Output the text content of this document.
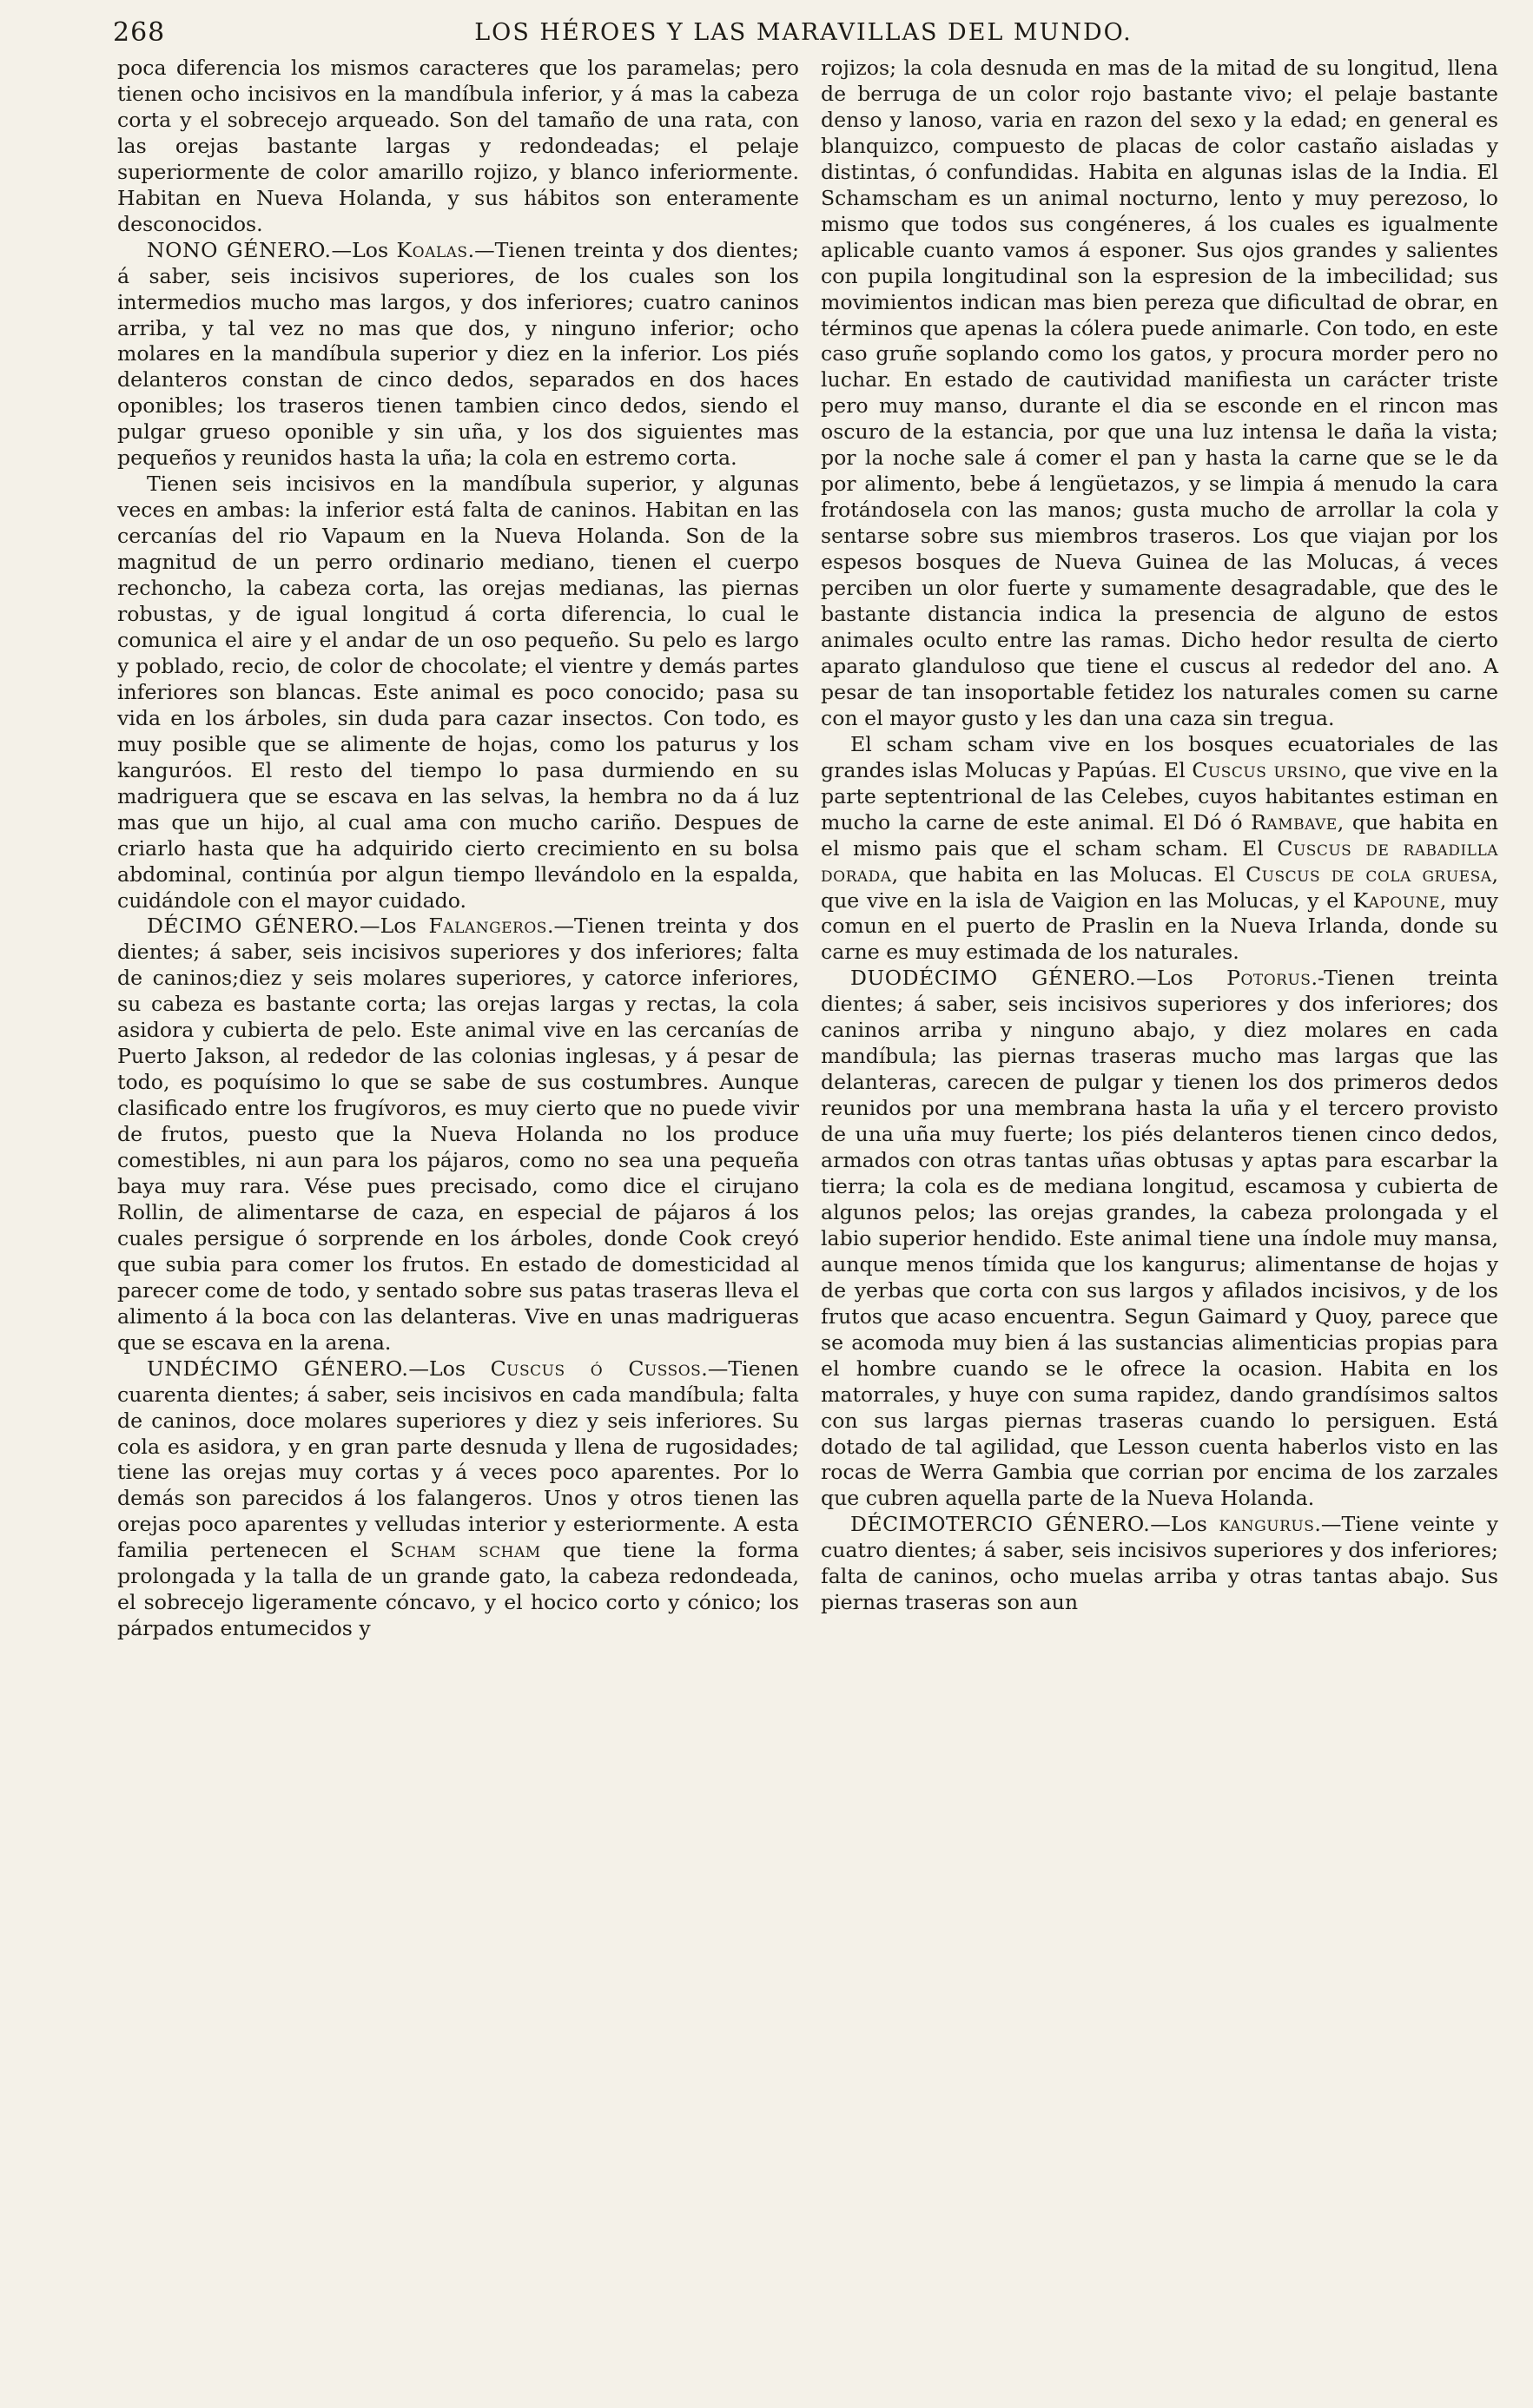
268	LOS HÉROES Y LAS MARAVILLAS DEL MUNDO.

poca diferencia los mismos caracteres que los paramelas; pero tienen ocho incisivos en la mandíbula inferior, y á mas la cabeza corta y el sobrecejo arqueado. Son del tamaño de una rata, con las orejas bastante largas y redondeadas; el pelaje superiormente de color amarillo rojizo, y blanco inferiormente. Habitan en Nueva Holanda, y sus hábitos son enteramente desconocidos.

NONO GÉNERO.—Los Koalas.—Tienen treinta y dos dientes; á saber, seis incisivos superiores, de los cuales son los intermedios mucho mas largos, y dos inferiores; cuatro caninos arriba, y tal vez no mas que dos, y ninguno inferior; ocho molares en la mandíbula superior y diez en la inferior. Los piés delanteros constan de cinco dedos, separados en dos haces oponibles; los traseros tienen tambien cinco dedos, siendo el pulgar grueso oponible y sin uña, y los dos siguientes mas pequeños y reunidos hasta la uña; la cola en estremo corta.

Tienen seis incisivos en la mandíbula superior, y algunas veces en ambas: la inferior está falta de caninos. Habitan en las cercanías del rio Vapaum en la Nueva Holanda. Son de la magnitud de un perro ordinario mediano, tienen el cuerpo rechoncho, la cabeza corta, las orejas medianas, las piernas robustas, y de igual longitud á corta diferencia, lo cual le comunica el aire y el andar de un oso pequeño. Su pelo es largo y poblado, recio, de color de chocolate; el vientre y demás partes inferiores son blancas. Este animal es poco conocido; pasa su vida en los árboles, sin duda para cazar insectos. Con todo, es muy posible que se alimente de hojas, como los paturus y los kanguróos. El resto del tiempo lo pasa durmiendo en su madriguera que se escava en las selvas, la hembra no da á luz mas que un hijo, al cual ama con mucho cariño. Despues de criarlo hasta que ha adquirido cierto crecimiento en su bolsa abdominal, continúa por algun tiempo llevándolo en la espalda, cuidándole con el mayor cuidado.

DÉCIMO GÉNERO.—Los Falangeros.—Tienen treinta y dos dientes; á saber, seis incisivos superiores y dos inferiores; falta de caninos;diez y seis molares superiores, y catorce inferiores, su cabeza es bastante corta; las orejas largas y rectas, la cola asidora y cubierta de pelo. Este animal vive en las cercanías de Puerto Jakson, al rededor de las colonias inglesas, y á pesar de todo, es poquísimo lo que se sabe de sus costumbres. Aunque clasificado entre los frugívoros, es muy cierto que no puede vivir de frutos, puesto que la Nueva Holanda no los produce comestibles, ni aun para los pájaros, como no sea una pequeña baya muy rara. Vése pues precisado, como dice el cirujano Rollin, de alimentarse de caza, en especial de pájaros á los cuales persigue ó sorprende en los árboles, donde Cook creyó que subia para comer los frutos. En estado de domesticidad al parecer come de todo, y sentado sobre sus patas traseras lleva el alimento á la boca con las delanteras. Vive en unas madrigueras que se escava en la arena.

UNDÉCIMO GÉNERO.—Los Cuscus ó Cussos.—Tienen cuarenta dientes; á saber, seis incisivos en cada mandíbula; falta de caninos, doce molares superiores y diez y seis inferiores. Su cola es asidora, y en gran parte desnuda y llena de rugosidades; tiene las orejas muy cortas y á veces poco aparentes. Por lo demás son parecidos á los falangeros. Unos y otros tienen las orejas poco aparentes y velludas interior y esteriormente. A esta familia pertenecen el Scham scham que tiene la forma prolongada y la talla de un grande gato, la cabeza redondeada, el sobrecejo ligeramente cóncavo, y el hocico corto y cónico; los párpados entumecidos y

rojizos; la cola desnuda en mas de la mitad de su longitud, llena de berruga de un color rojo bastante vivo; el pelaje bastante denso y lanoso, varia en razon del sexo y la edad; en general es blanquizco, compuesto de placas de color castaño aisladas y distintas, ó confundidas. Habita en algunas islas de la India. El Schamscham es un animal nocturno, lento y muy perezoso, lo mismo que todos sus congéneres, á los cuales es igualmente aplicable cuanto vamos á esponer. Sus ojos grandes y salientes con pupila longitudinal son la espresion de la imbecilidad; sus movimientos indican mas bien pereza que dificultad de obrar, en términos que apenas la cólera puede animarle. Con todo, en este caso gruñe soplando como los gatos, y procura morder pero no luchar. En estado de cautividad manifiesta un carácter triste pero muy manso, durante el dia se esconde en el rincon mas oscuro de la estancia, por que una luz intensa le daña la vista; por la noche sale á comer el pan y hasta la carne que se le da por alimento, bebe á lengüetazos, y se limpia á menudo la cara frotándosela con las manos; gusta mucho de arrollar la cola y sentarse sobre sus miembros traseros. Los que viajan por los espesos bosques de Nueva Guinea de las Molucas, á veces perciben un olor fuerte y sumamente desagradable, que des le bastante distancia indica la presencia de alguno de estos animales oculto entre las ramas. Dicho hedor resulta de cierto aparato glanduloso que tiene el cuscus al rededor del ano. A pesar de tan insoportable fetidez los naturales comen su carne con el mayor gusto y les dan una caza sin tregua.

El scham scham vive en los bosques ecuatoriales de las grandes islas Molucas y Papúas. El Cuscus ursino, que vive en la parte septentrional de las Celebes, cuyos habitantes estiman en mucho la carne de este animal. El Dó ó Rambave, que habita en el mismo pais que el scham scham. El Cuscus de rabadilla dorada, que habita en las Molucas. El Cuscus de cola gruesa, que vive en la isla de Vaigion en las Molucas, y el Kapoune, muy comun en el puerto de Praslin en la Nueva Irlanda, donde su carne es muy estimada de los naturales.

DUODÉCIMO GÉNERO.—Los Potorus.-Tienen treinta dientes; á saber, seis incisivos superiores y dos inferiores; dos caninos arriba y ninguno abajo, y diez molares en cada mandíbula; las piernas traseras mucho mas largas que las delanteras, carecen de pulgar y tienen los dos primeros dedos reunidos por una membrana hasta la uña y el tercero provisto de una uña muy fuerte; los piés delanteros tienen cinco dedos, armados con otras tantas uñas obtusas y aptas para escarbar la tierra; la cola es de mediana longitud, escamosa y cubierta de algunos pelos; las orejas grandes, la cabeza prolongada y el labio superior hendido. Este animal tiene una índole muy mansa, aunque menos tímida que los kangurus; alimentanse de hojas y de yerbas que corta con sus largos y afilados incisivos, y de los frutos que acaso encuentra. Segun Gaimard y Quoy, parece que se acomoda muy bien á las sustancias alimenticias propias para el hombre cuando se le ofrece la ocasion. Habita en los matorrales, y huye con suma rapidez, dando grandísimos saltos con sus largas piernas traseras cuando lo persiguen. Está dotado de tal agilidad, que Lesson cuenta haberlos visto en las rocas de Werra Gambia que corrian por encima de los zarzales que cubren aquella parte de la Nueva Holanda.

DÉCIMOTERCIO GÉNERO.—Los kangurus.—Tiene veinte y cuatro dientes; á saber, seis incisivos superiores y dos inferiores; falta de caninos, ocho muelas arriba y otras tantas abajo. Sus piernas traseras son aun
